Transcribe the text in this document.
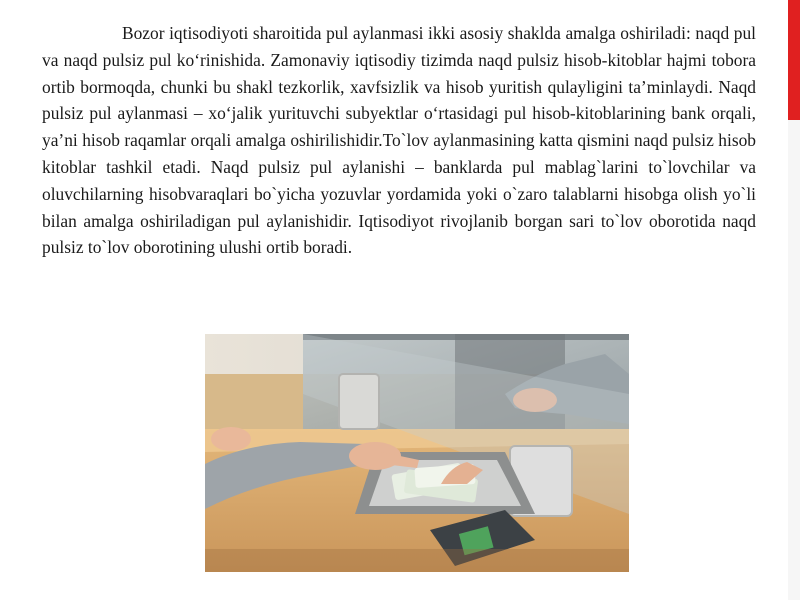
Bozor iqtisodiyoti sharoitida pul aylanmasi ikki asosiy shaklda amalga oshiriladi: naqd pul va naqd pulsiz pul ko‘rinishida. Zamonaviy iqtisodiy tizimda naqd pulsiz hisob-kitoblar hajmi tobora ortib bormoqda, chunki bu shakl tezkorlik, xavfsizlik va hisob yuritish qulayligini ta’minlaydi. Naqd pulsiz pul aylanmasi – xo‘jalik yurituvchi subyektlar o‘rtasidagi pul hisob-kitoblarining bank orqali, ya’ni hisob raqamlar orqali amalga oshirilishidir.To`lov aylanmasining katta qismini naqd pulsiz hisob kitoblar tashkil etadi. Naqd pulsiz pul aylanishi – banklarda pul mablag`larini to`lovchilar va oluvchilarning hisobvaraqlari bo`yicha yozuvlar yordamida yoki o`zaro talablarni hisobga olish yo`li bilan amalga oshiriladigan pul aylanishidir. Iqtisodiyot rivojlanib borgan sari to`lov oborotida naqd pulsiz to`lov oborotining ulushi ortib boradi.
